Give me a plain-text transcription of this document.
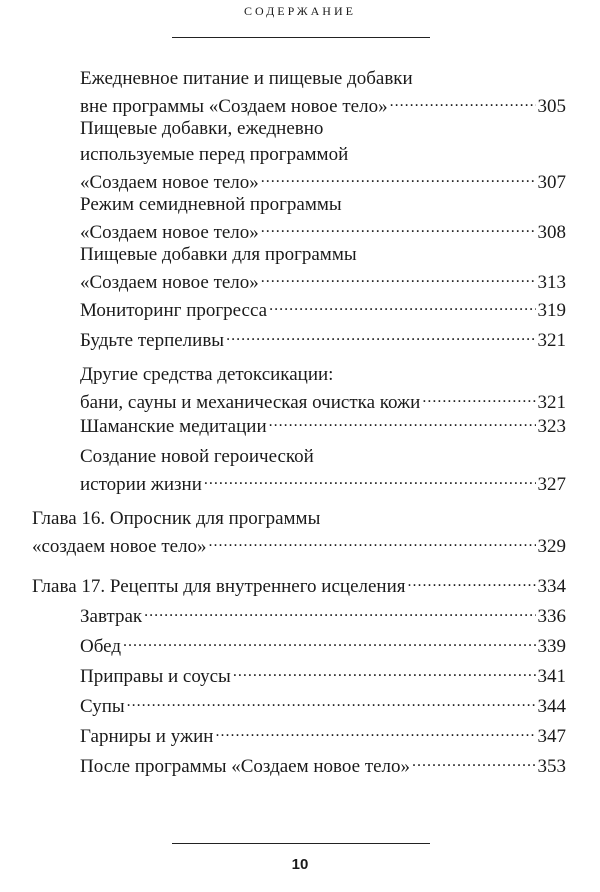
СОДЕРЖАНИЕ
Ежедневное питание и пищевые добавки
вне программы «Создаем новое тело» . . .	305
Пищевые добавки, ежедневно
используемые перед программой
«Создаем новое тело» . . .	307
Режим семидневной программы
«Создаем новое тело» . . .	308
Пищевые добавки для программы
«Создаем новое тело» . . .	313
Мониторинг прогресса . . .	319
Будьте терпеливы . . .	321
Другие средства детоксикации:
бани, сауны и механическая очистка кожи . . .	321
Шаманские медитации . . .	323
Создание новой героической
истории жизни . . .	327
Глава 16. Опросник для программы
«создаем новое тело» . . .	329
Глава 17. Рецепты для внутреннего исцеления . . .	334
Завтрак . . .	336
Обед . . .	339
Приправы и соусы . . .	341
Супы . . .	344
Гарниры и ужин . . .	347
После программы «Создаем новое тело» . . .	353
10
